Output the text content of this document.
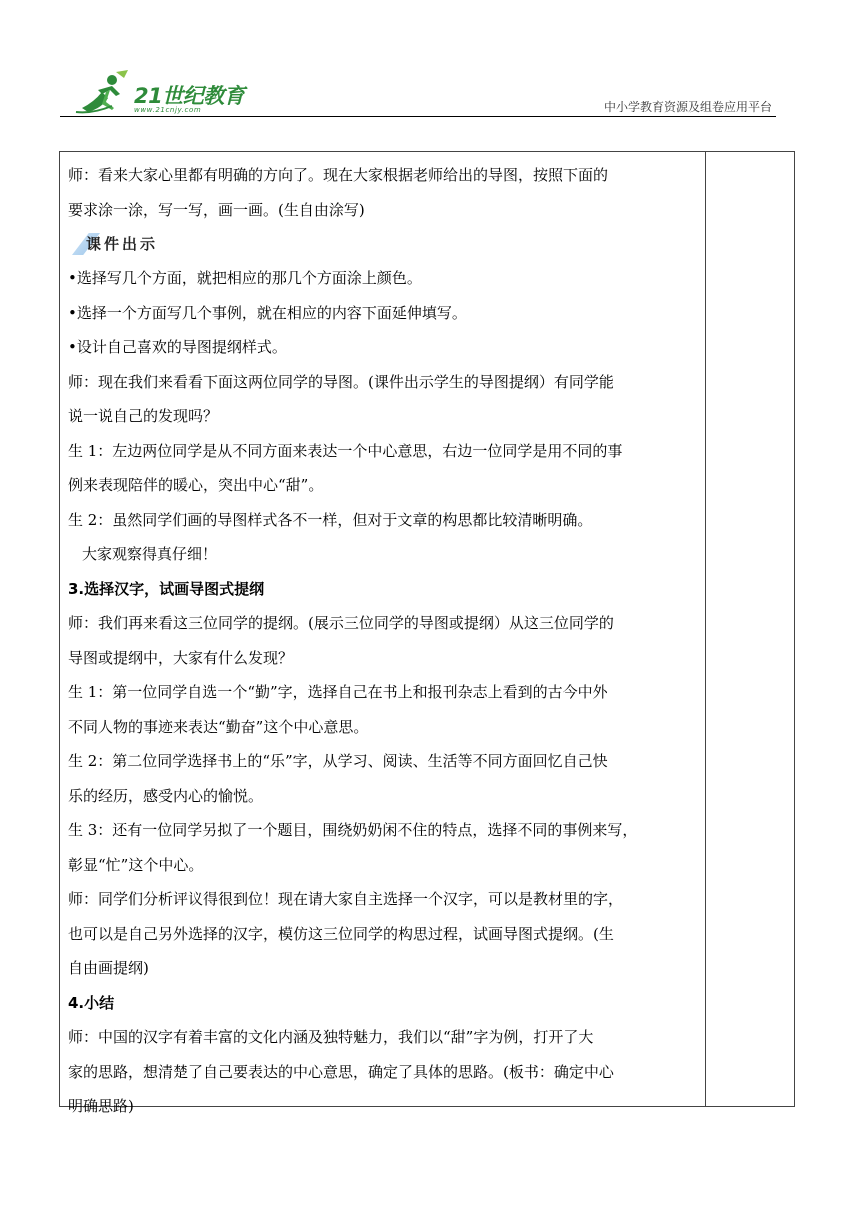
21世纪教育
www.21cnjy.com	中小学教育资源及组卷应用平台

师：看来大家心里都有明确的方向了。现在大家根据老师给出的导图，按照下面的

要求涂一涂，写一写，画一画。(生自由涂写)

课件出示

•选择写几个方面，就把相应的那几个方面涂上颜色。

•选择一个方面写几个事例，就在相应的内容下面延伸填写。

•设计自己喜欢的导图提纲样式。

师：现在我们来看看下面这两位同学的导图。(课件出示学生的导图提纲）有同学能

说一说自己的发现吗？

生 1：左边两位同学是从不同方面来表达一个中心意思，右边一位同学是用不同的事

例来表现陪伴的暖心，突出中心“甜”。

生 2：虽然同学们画的导图样式各不一样，但对于文章的构思都比较清晰明确。

大家观察得真仔细！

3.选择汉字，试画导图式提纲

师：我们再来看这三位同学的提纲。(展示三位同学的导图或提纲）从这三位同学的

导图或提纲中，大家有什么发现？

生 1：第一位同学自选一个“勤”字，选择自己在书上和报刊杂志上看到的古今中外

不同人物的事迹来表达“勤奋”这个中心意思。

生 2：第二位同学选择书上的“乐”字，从学习、阅读、生活等不同方面回忆自己快

乐的经历，感受内心的愉悦。

生 3：还有一位同学另拟了一个题目，围绕奶奶闲不住的特点，选择不同的事例来写，

彰显“忙”这个中心。

师：同学们分析评议得很到位！现在请大家自主选择一个汉字，可以是教材里的字，

也可以是自己另外选择的汉字，模仿这三位同学的构思过程，试画导图式提纲。(生

自由画提纲)

4.小结

师：中国的汉字有着丰富的文化内涵及独特魅力，我们以“甜”字为例，打开了大

家的思路，想清楚了自己要表达的中心意思，确定了具体的思路。(板书：确定中心

明确思路)
